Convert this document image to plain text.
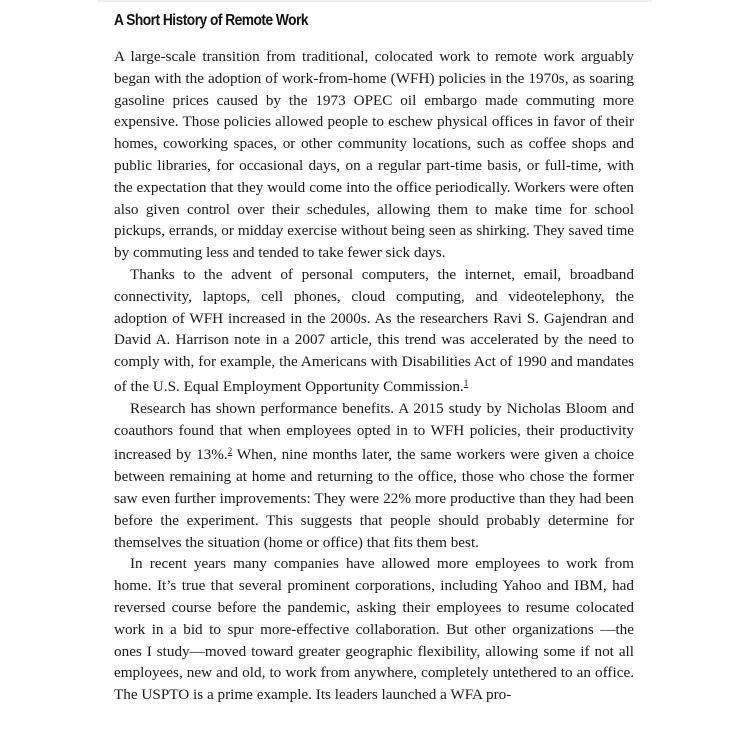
A Short History of Remote Work

A large-scale transition from traditional, colocated work to remote work arguably began with the adoption of work-from-home (WFH) policies in the 1970s, as soaring gasoline prices caused by the 1973 OPEC oil embargo made commuting more expensive. Those policies allowed people to eschew physical offices in favor of their homes, coworking spaces, or other community locations, such as coffee shops and public libraries, for occasional days, on a regular part-time basis, or full-time, with the expectation that they would come into the office periodically. Workers were often also given control over their schedules, allowing them to make time for school pickups, errands, or midday exercise without being seen as shirking. They saved time by commuting less and tended to take fewer sick days.

Thanks to the advent of personal computers, the internet, email, broadband connectivity, laptops, cell phones, cloud computing, and videotelephony, the adoption of WFH increased in the 2000s. As the researchers Ravi S. Gajendran and David A. Harrison note in a 2007 article, this trend was accelerated by the need to comply with, for example, the Americans with Disabilities Act of 1990 and mandates of the U.S. Equal Employment Opportunity Commission.$^1$

Research has shown performance benefits. A 2015 study by Nicholas Bloom and coauthors found that when employees opted in to WFH policies, their productivity increased by 13%.$^2$ When, nine months later, the same workers were given a choice between remaining at home and returning to the office, those who chose the former saw even further improvements: They were 22% more productive than they had been before the experiment. This suggests that people should probably determine for themselves the situation (home or office) that fits them best.

In recent years many companies have allowed more employees to work from home. It’s true that several prominent corporations, including Yahoo and IBM, had reversed course before the pandemic, asking their employees to resume colocated work in a bid to spur more-effective collaboration. But other organizations —the ones I study—moved toward greater geographic flexibility, allowing some if not all employees, new and old, to work from anywhere, completely untethered to an office. The USPTO is a prime example. Its leaders launched a WFA pro-
